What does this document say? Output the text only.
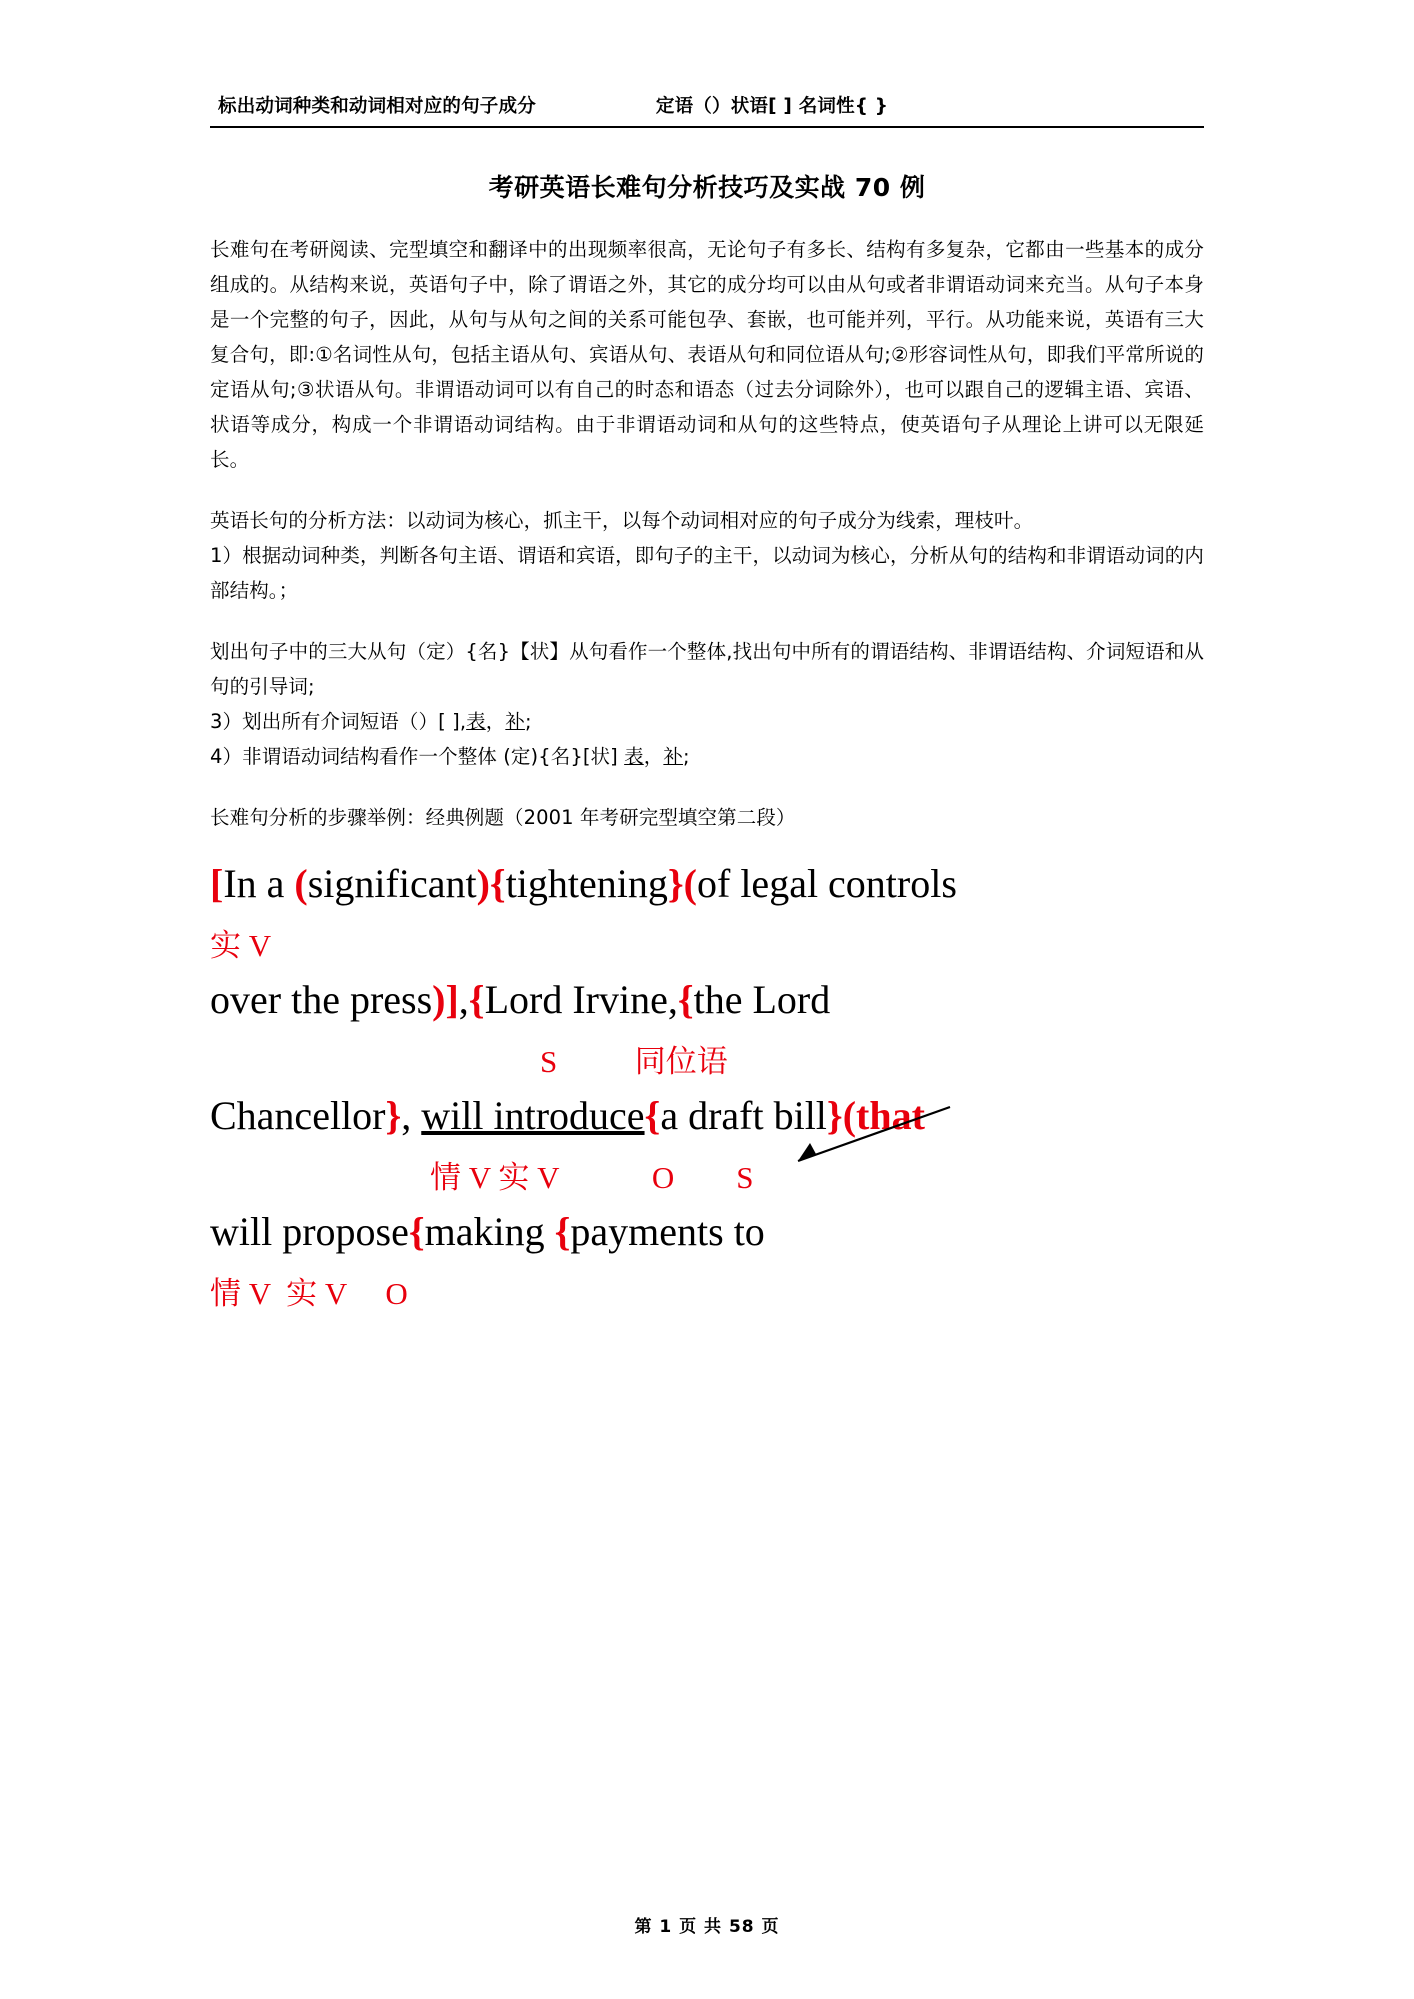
标出动词种类和动词相对应的句子成分	定语（）状语[ ] 名词性{ }
考研英语长难句分析技巧及实战 70 例
长难句在考研阅读、完型填空和翻译中的出现频率很高，无论句子有多长、结构有多复杂，它都由一些基本的成分组成的。从结构来说，英语句子中，除了谓语之外，其它的成分均可以由从句或者非谓语动词来充当。从句子本身是一个完整的句子，因此，从句与从句之间的关系可能包孕、套嵌，也可能并列，平行。从功能来说，英语有三大复合句，即:①名词性从句，包括主语从句、宾语从句、表语从句和同位语从句;②形容词性从句，即我们平常所说的定语从句;③状语从句。非谓语动词可以有自己的时态和语态（过去分词除外），也可以跟自己的逻辑主语、宾语、状语等成分，构成一个非谓语动词结构。由于非谓语动词和从句的这些特点，使英语句子从理论上讲可以无限延长。
英语长句的分析方法：以动词为核心，抓主干，以每个动词相对应的句子成分为线索，理枝叶。
1）根据动词种类，判断各句主语、谓语和宾语，即句子的主干，以动词为核心，分析从句的结构和非谓语动词的内部结构。；
划出句子中的三大从句（定）{名}【状】从句看作一个整体,找出句中所有的谓语结构、非谓语结构、介词短语和从句的引导词;
3）划出所有介词短语（）[ ],表，补;
4）非谓语动词结构看作一个整体 (定){名}[状] 表，补;
长难句分析的步骤举例：经典例题（2001 年考研完型填空第二段）
[In a (significant){tightening}(of legal controls
实 V
over the press)],{Lord Irvine,{the Lord
S          同位语
Chancellor}, will introduce{a draft bill}(that
情 V 实 V            O        S
will propose{making {payments to
情 V  实 V     O
第 1 页 共 58 页
